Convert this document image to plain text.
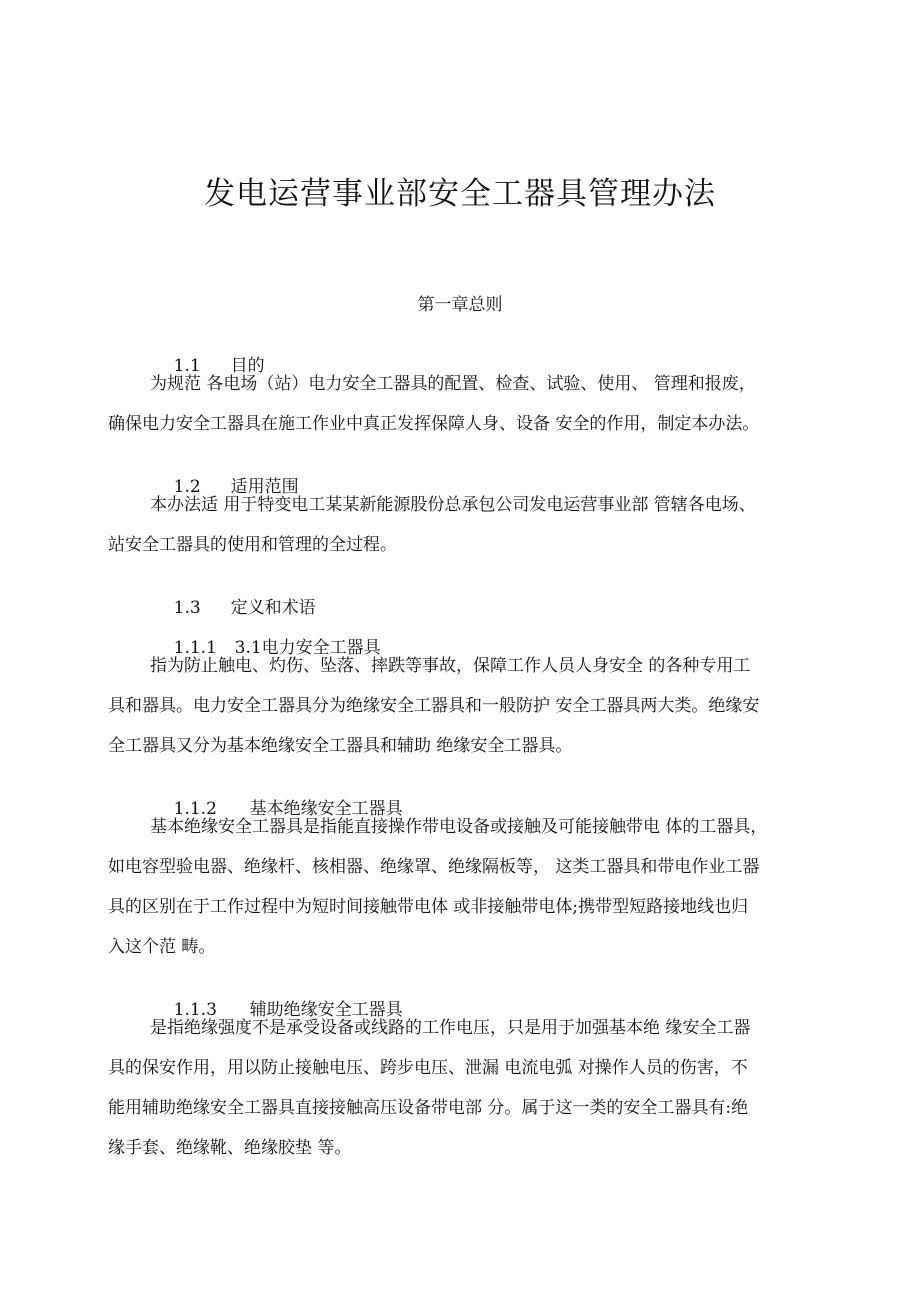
发电运营事业部安全工器具管理办法
第一章总则

1.1 目的

为规范 各电场（站）电力安全工器具的配置、检查、试验、使用、 管理和报废，
确保电力安全工器具在施工作业中真正发挥保障人身、设备 安全的作用，制定本办法。

1.2 适用范围

本办法适 用于特变电工某某新能源股份总承包公司发电运营事业部 管辖各电场、
站安全工器具的使用和管理的全过程。

1.3 定义和术语

1.1.1 3.1电力安全工器具

指为防止触电、灼伤、坠落、摔跌等事故，保障工作人员人身安全 的各种专用工
具和器具。电力安全工器具分为绝缘安全工器具和一般防护 安全工器具两大类。绝缘安
全工器具又分为基本绝缘安全工器具和辅助 绝缘安全工器具。

1.1.2 基本绝缘安全工器具

基本绝缘安全工器具是指能直接操作带电设备或接触及可能接触带电 体的工器具，
如电容型验电器、绝缘杆、核相器、绝缘罩、绝缘隔板等， 这类工器具和带电作业工器
具的区别在于工作过程中为短时间接触带电体 或非接触带电体;携带型短路接地线也归
入这个范 畴。

1.1.3 辅助绝缘安全工器具

是指绝缘强度不是承受设备或线路的工作电压，只是用于加强基本绝 缘安全工器
具的保安作用，用以防止接触电压、跨步电压、泄漏 电流电弧 对操作人员的伤害，不
能用辅助绝缘安全工器具直接接触高压设备带电部 分。属于这一类的安全工器具有:绝
缘手套、绝缘靴、绝缘胶垫 等。
